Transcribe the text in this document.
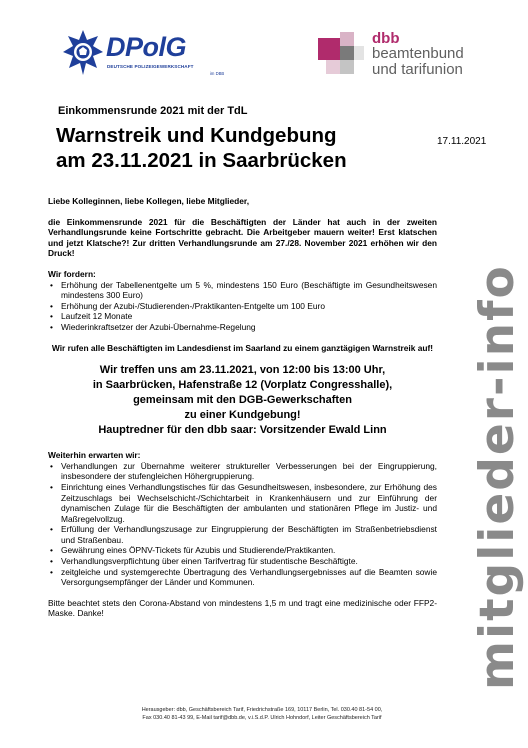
DPolG
DEUTSCHE POLIZEIGEWERKSCHAFT
im DBB
dbb
beamtenbund
und tarifunion
Einkommensrunde 2021 mit der TdL
Warnstreik und Kundgebung
am 23.11.2021 in Saarbrücken
17.11.2021
mitglieder-info
Liebe Kolleginnen, liebe Kollegen, liebe Mitglieder,
die Einkommensrunde 2021 für die Beschäftigten der Länder hat auch in der zweiten Verhandlungsrunde keine Fortschritte gebracht. Die Arbeitgeber mauern weiter! Erst klatschen und jetzt Klatsche?! Zur dritten Verhandlungsrunde am 27./28. November 2021 erhöhen wir den Druck!
Wir fordern:
• Erhöhung der Tabellenentgelte um 5 %, mindestens 150 Euro (Beschäftigte im Gesundheitswesen mindestens 300 Euro)
• Erhöhung der Azubi-/Studierenden-/Praktikanten-Entgelte um 100 Euro
• Laufzeit 12 Monate
• Wiederinkraftsetzer der Azubi-Übernahme-Regelung
Wir rufen alle Beschäftigten im Landesdienst im Saarland zu einem ganztägigen Warnstreik auf!
Wir treffen uns am 23.11.2021, von 12:00 bis 13:00 Uhr,
in Saarbrücken, Hafenstraße 12 (Vorplatz Congresshalle),
gemeinsam mit den DGB-Gewerkschaften
zu einer Kundgebung!
Hauptredner für den dbb saar: Vorsitzender Ewald Linn
Weiterhin erwarten wir:
• Verhandlungen zur Übernahme weiterer struktureller Verbesserungen bei der Eingruppierung, insbesondere der stufengleichen Höhergruppierung.
• Einrichtung eines Verhandlungstisches für das Gesundheitswesen, insbesondere, zur Erhöhung des Zeitzuschlags bei Wechselschicht-/Schichtarbeit in Krankenhäusern und zur Einführung der dynamischen Zulage für die Beschäftigten der ambulanten und stationären Pflege im Justiz- und Maßregelvollzug.
• Erfüllung der Verhandlungszusage zur Eingruppierung der Beschäftigten im Straßenbetriebsdienst und Straßenbau.
• Gewährung eines ÖPNV-Tickets für Azubis und Studierende/Praktikanten.
• Verhandlungsverpflichtung über einen Tarifvertrag für studentische Beschäftigte.
• zeitgleiche und systemgerechte Übertragung des Verhandlungsergebnisses auf die Beamten sowie Versorgungsempfänger der Länder und Kommunen.
Bitte beachtet stets den Corona-Abstand von mindestens 1,5 m und tragt eine medizinische oder FFP2-Maske. Danke!
Herausgeber: dbb, Geschäftsbereich Tarif, Friedrichstraße 169, 10117 Berlin, Tel. 030.40 81-54 00,
Fax 030.40 81-43 99, E-Mail tarif@dbb.de, v.i.S.d.P. Ulrich Hohndorf, Leiter Geschäftsbereich Tarif
